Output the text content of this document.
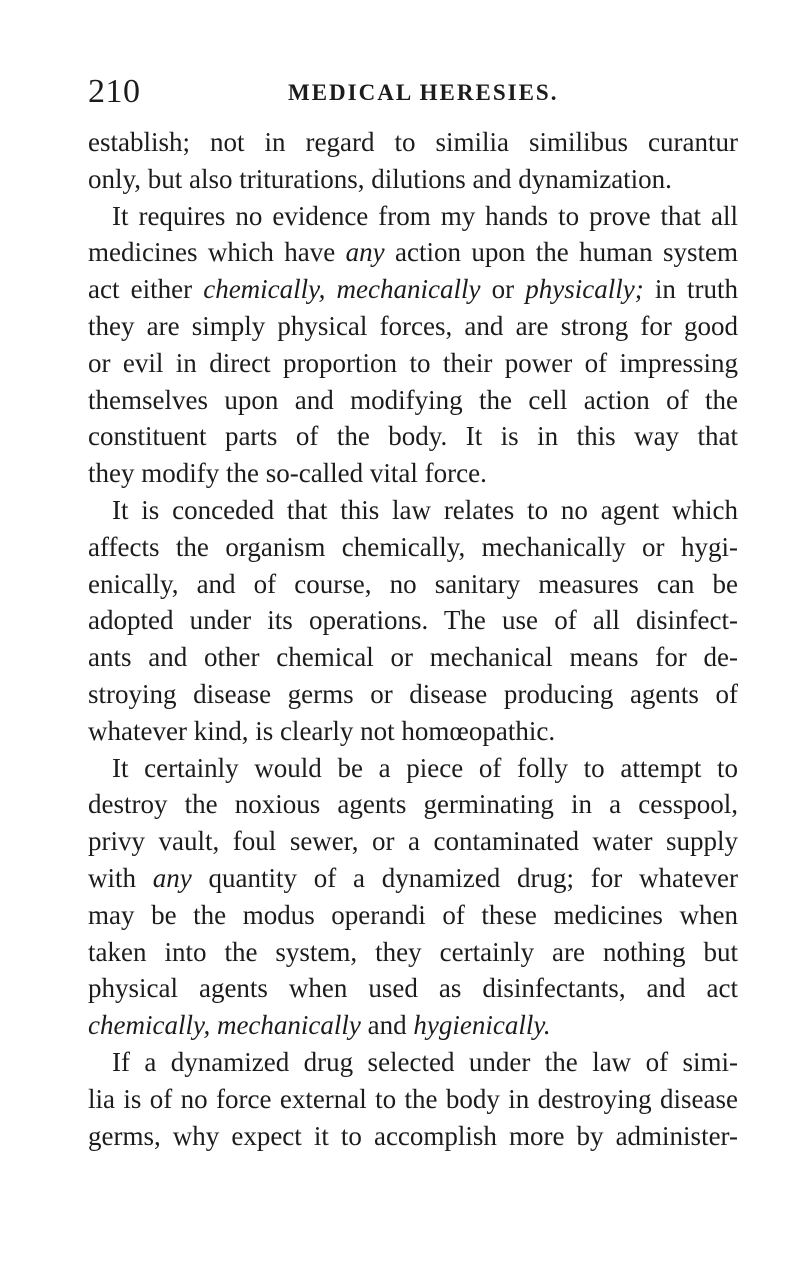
210	MEDICAL HERESIES.
establish; not in regard to similia similibus curantur
only, but also triturations, dilutions and dynamization.
It requires no evidence from my hands to prove that all
medicines which have any action upon the human system
act either chemically, mechanically or physically; in truth
they are simply physical forces, and are strong for good
or evil in direct proportion to their power of impressing
themselves upon and modifying the cell action of the
constituent parts of the body. It is in this way that
they modify the so-called vital force.
It is conceded that this law relates to no agent which
affects the organism chemically, mechanically or hygi-
enically, and of course, no sanitary measures can be
adopted under its operations. The use of all disinfect-
ants and other chemical or mechanical means for de-
stroying disease germs or disease producing agents of
whatever kind, is clearly not homœopathic.
It certainly would be a piece of folly to attempt to
destroy the noxious agents germinating in a cesspool,
privy vault, foul sewer, or a contaminated water supply
with any quantity of a dynamized drug; for whatever
may be the modus operandi of these medicines when
taken into the system, they certainly are nothing but
physical agents when used as disinfectants, and act
chemically, mechanically and hygienically.
If a dynamized drug selected under the law of simi-
lia is of no force external to the body in destroying disease
germs, why expect it to accomplish more by administer-
